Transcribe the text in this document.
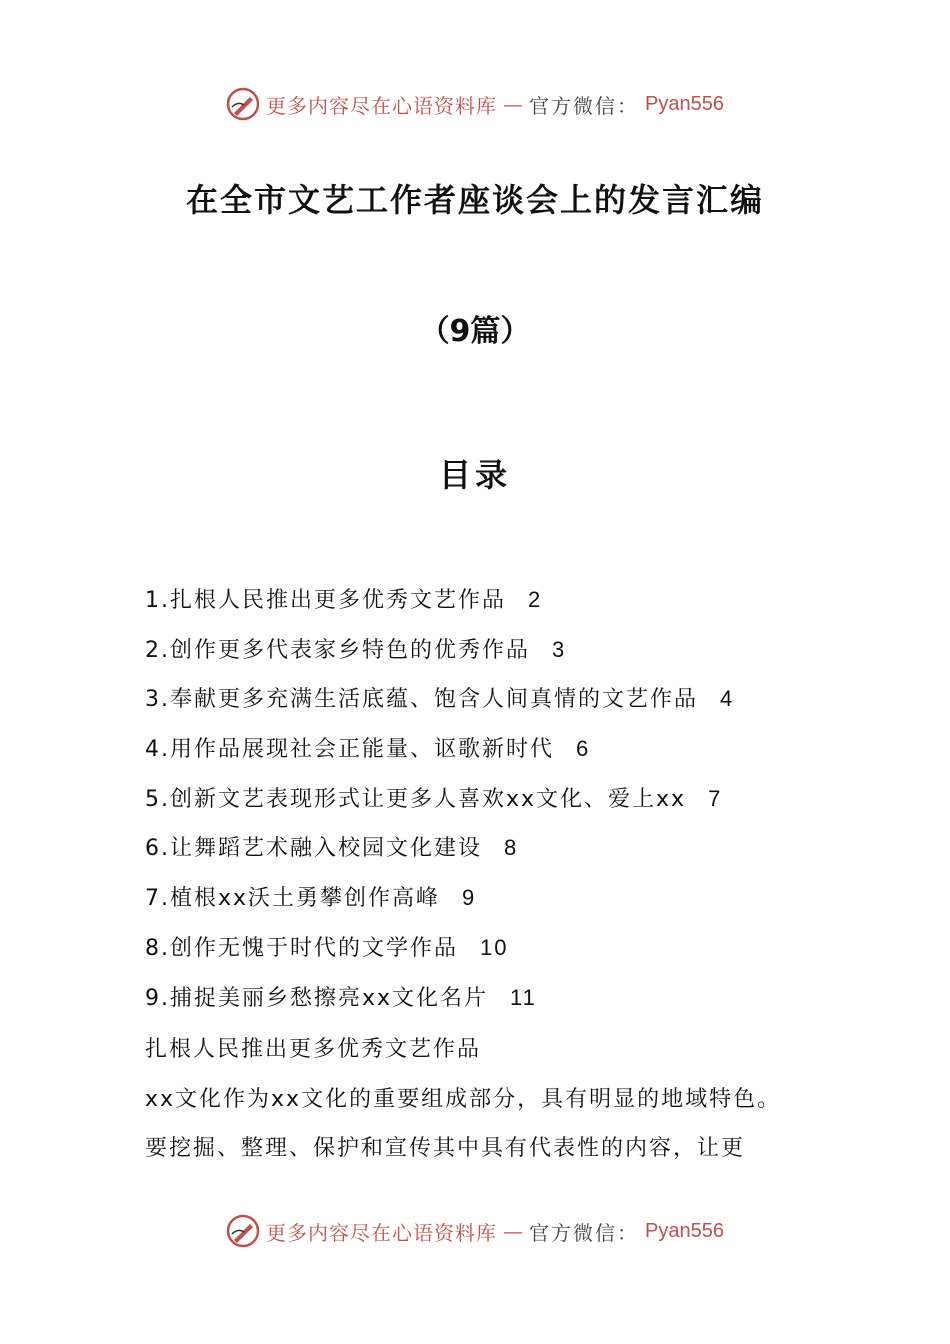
更多内容尽在心语资料库 — 官方微信： Pyan556
在全市文艺工作者座谈会上的发言汇编
（9篇）
目录
1.扎根人民推出更多优秀文艺作品 2
2.创作更多代表家乡特色的优秀作品 3
3.奉献更多充满生活底蕴、饱含人间真情的文艺作品 4
4.用作品展现社会正能量、讴歌新时代 6
5.创新文艺表现形式让更多人喜欢xx文化、爱上xx 7
6.让舞蹈艺术融入校园文化建设 8
7.植根xx沃土勇攀创作高峰 9
8.创作无愧于时代的文学作品 10
9.捕捉美丽乡愁擦亮xx文化名片 11
扎根人民推出更多优秀文艺作品
xx文化作为xx文化的重要组成部分，具有明显的地域特色。
要挖掘、整理、保护和宣传其中具有代表性的内容，让更
更多内容尽在心语资料库 — 官方微信： Pyan556
